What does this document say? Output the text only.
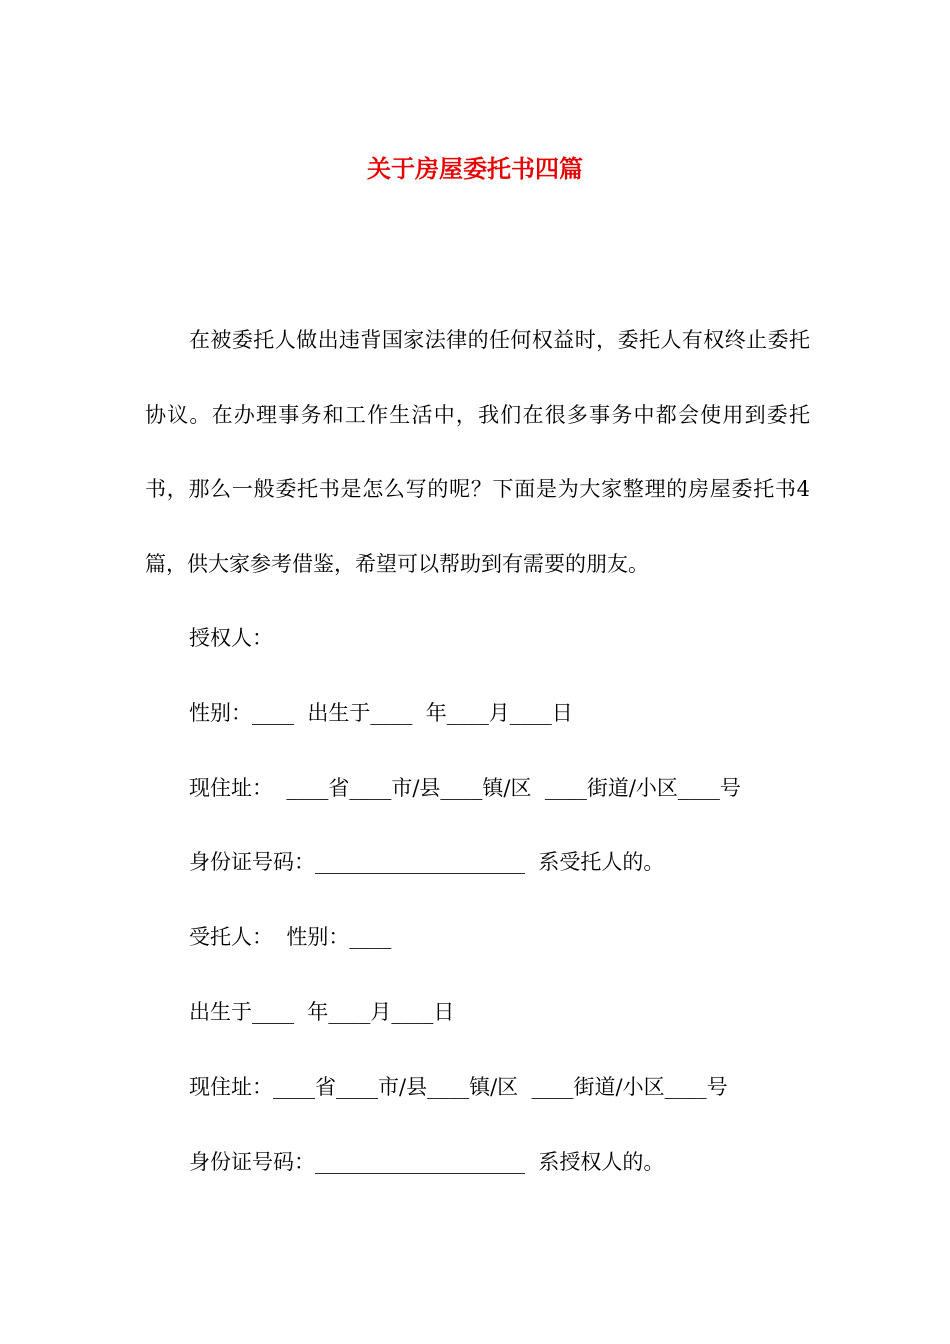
关于房屋委托书四篇

在被委托人做出违背国家法律的任何权益时，委托人有权终止委托协议。在办理事务和工作生活中，我们在很多事务中都会使用到委托书，那么一般委托书是怎么写的呢？下面是为大家整理的房屋委托书4篇，供大家参考借鉴，希望可以帮助到有需要的朋友。

授权人：

性别：____  出生于____  年____月____日

现住址：  ____省____市/县____镇/区  ____街道/小区____号

身份证号码：____________________  系受托人的。

受托人：  性别：____

出生于____  年____月____日

现住址：____省____市/县____镇/区  ____街道/小区____号

身份证号码：____________________  系授权人的。
